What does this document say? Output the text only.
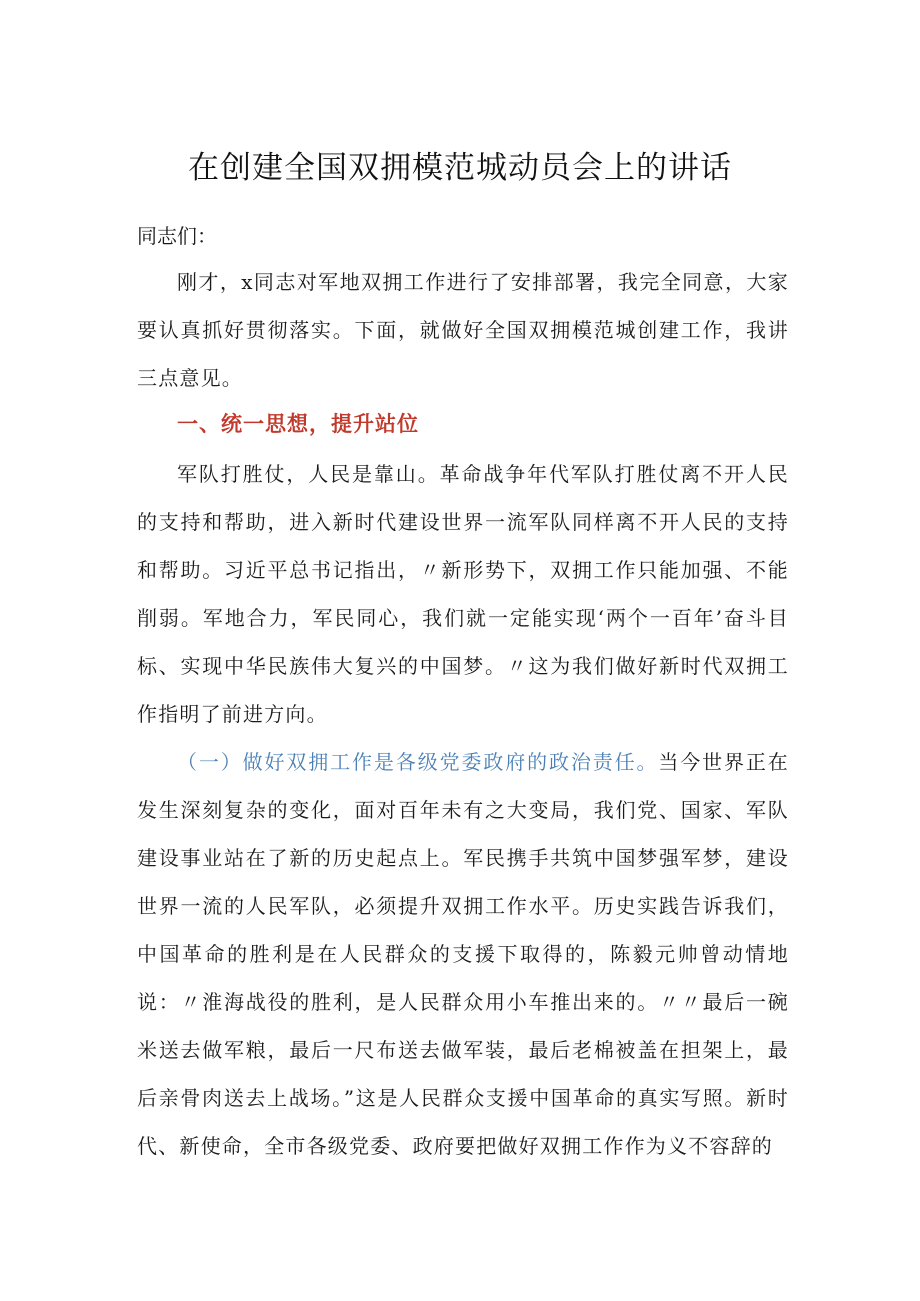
在创建全国双拥模范城动员会上的讲话

同志们：

刚才，x同志对军地双拥工作进行了安排部署，我完全同意，大家要认真抓好贯彻落实。下面，就做好全国双拥模范城创建工作，我讲三点意见。

一、统一思想，提升站位

军队打胜仗，人民是靠山。革命战争年代军队打胜仗离不开人民的支持和帮助，进入新时代建设世界一流军队同样离不开人民的支持和帮助。习近平总书记指出，〃新形势下，双拥工作只能加强、不能削弱。军地合力，军民同心，我们就一定能实现‘两个一百年’奋斗目标、实现中华民族伟大复兴的中国梦。〃这为我们做好新时代双拥工作指明了前进方向。

（一）做好双拥工作是各级党委政府的政治责任。当今世界正在发生深刻复杂的变化，面对百年未有之大变局，我们党、国家、军队建设事业站在了新的历史起点上。军民携手共筑中国梦强军梦，建设世界一流的人民军队，必须提升双拥工作水平。历史实践告诉我们，中国革命的胜利是在人民群众的支援下取得的，陈毅元帅曾动情地说：〃淮海战役的胜利，是人民群众用小车推出来的。〃〃最后一碗米送去做军粮，最后一尺布送去做军装，最后老棉被盖在担架上，最后亲骨肉送去上战场。”这是人民群众支援中国革命的真实写照。新时代、新使命，全市各级党委、政府要把做好双拥工作作为义不容辞的
